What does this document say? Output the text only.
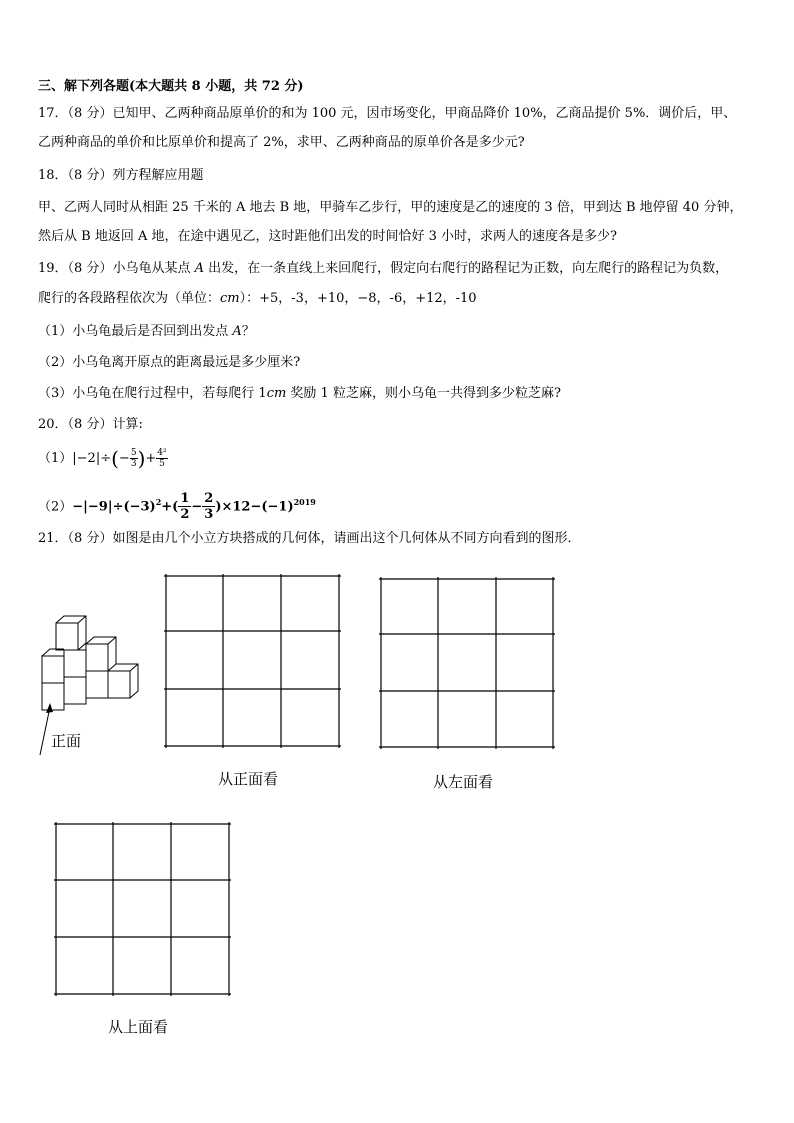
三、解下列各题(本大题共 8 小题，共 72 分)
17．（8 分）已知甲、乙两种商品原单价的和为 100 元，因市场变化，甲商品降价 10%，乙商品提价 5%．调价后，甲、
乙两种商品的单价和比原单价和提高了 2%，求甲、乙两种商品的原单价各是多少元?
18．（8 分）列方程解应用题
甲、乙两人同时从相距 25 千米的 A 地去 B 地，甲骑车乙步行，甲的速度是乙的速度的 3 倍，甲到达 B 地停留 40 分钟，
然后从 B 地返回 A 地，在途中遇见乙，这时距他们出发的时间恰好 3 小时，求两人的速度各是多少?
19．（8 分）小乌龟从某点 A 出发，在一条直线上来回爬行，假定向右爬行的路程记为正数，向左爬行的路程记为负数，
爬行的各段路程依次为（单位：cm）：+5，-3，+10，−8，-6，+12，-10
（1）小乌龟最后是否回到出发点 A？
（2）小乌龟离开原点的距离最远是多少厘米?
（3）小乌龟在爬行过程中，若每爬行 1cm 奖励 1 粒芝麻，则小乌龟一共得到多少粒芝麻?
20．（8 分）计算:
$(1)|-2|\div(- \frac{5}{3}$ )+ $\frac{\text{4²}}{5}$
$(2)-|-9|\div(-3)^2+( \frac{1}{2} - \frac{2}{3} )\times 12-(-1)^{2019}$
21．（8 分）如图是由几个小立方块搭成的几何体，请画出这个几何体从不同方向看到的图形．
正面
从正面看	从左面看
从上面看
